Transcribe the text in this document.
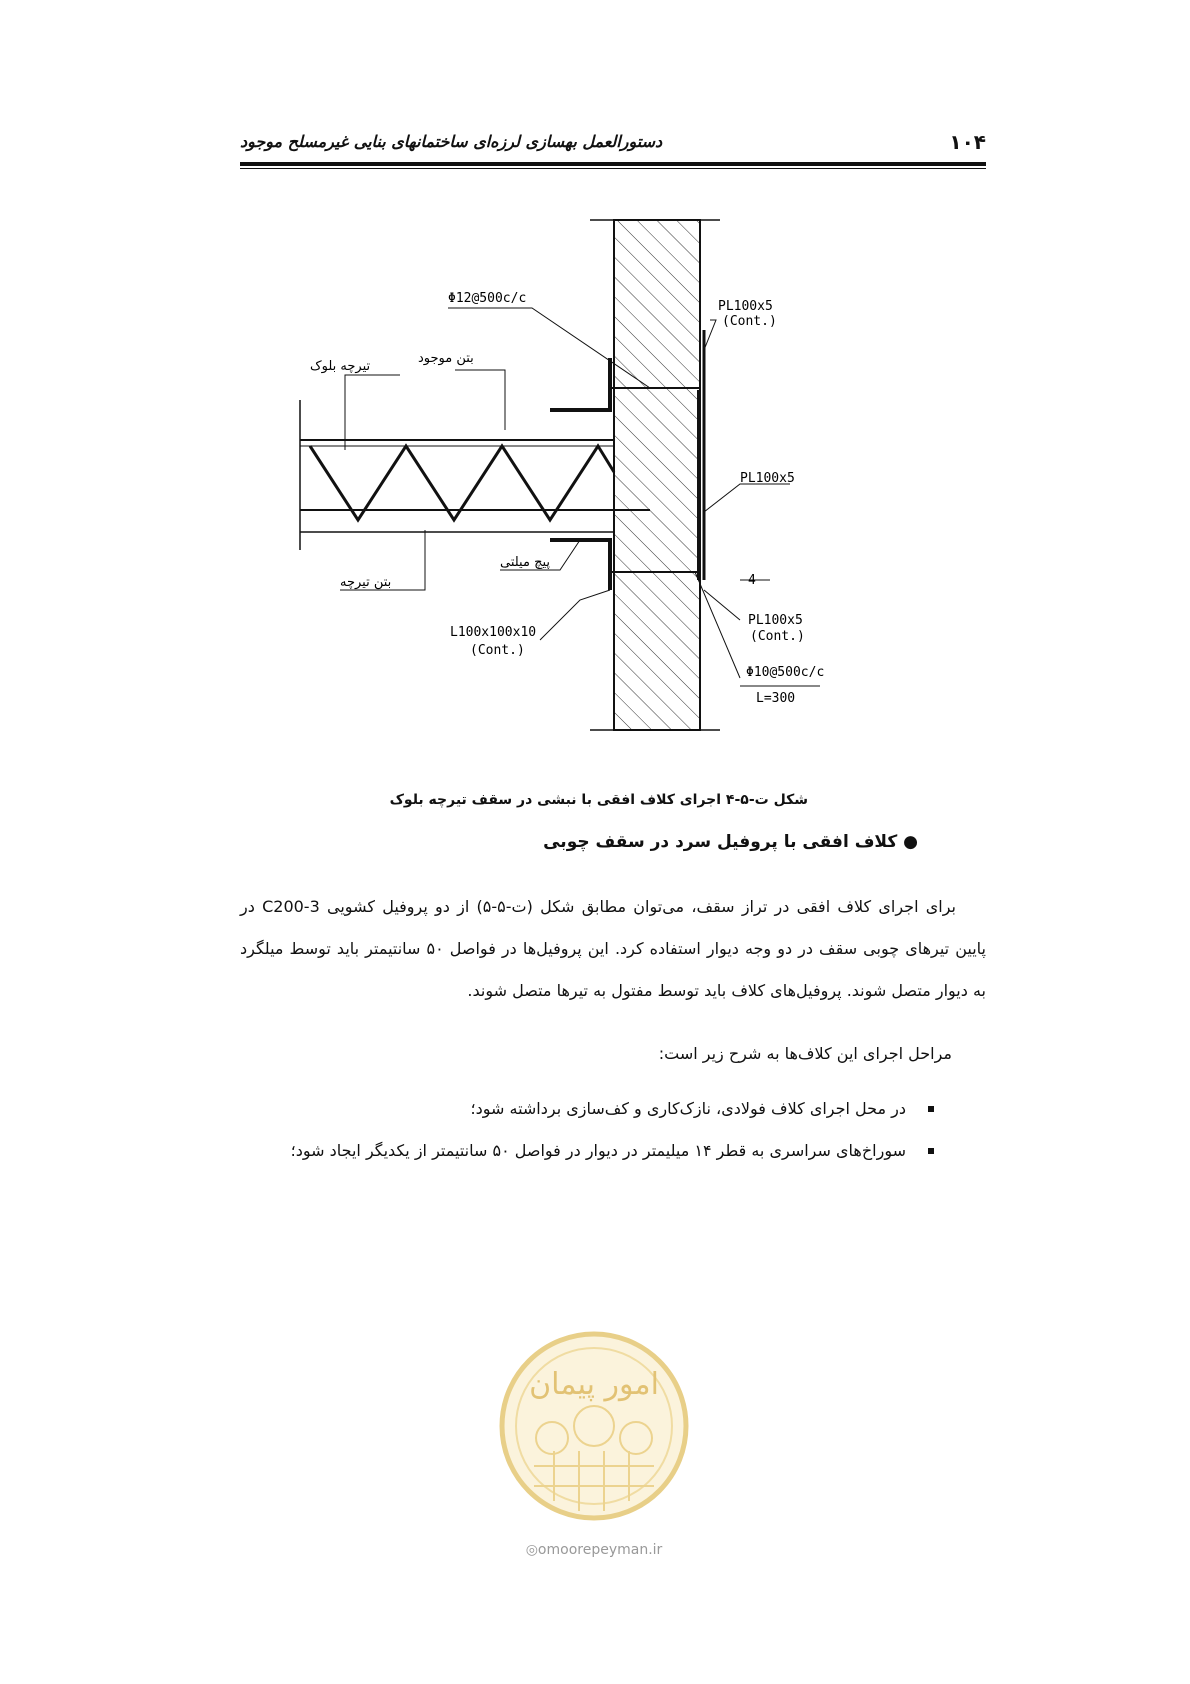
۱۰۴
دستورالعمل بهسازی لرزه‌ای ساختمانهای بنایی غیرمسلح موجود
Φ12@500c/c
PL100x5
(Cont.)
تیرچه بلوک
بتن موجود
PL100x5
پیچ میلتی
بتن تیرچه
L100x100x10
(Cont.)
4
PL100x5
(Cont.)
Φ10@500c/c
L=300
شکل ت-۵-۴ اجرای کلاف افقی با نبشی در سقف تیرچه بلوک
● کلاف افقی با پروفیل سرد در سقف چوبی

برای اجرای کلاف افقی در تراز سقف، می‌توان مطابق شکل (ت-۵-۵) از دو پروفیل کشویی C200-3 در پایین تیرهای چوبی سقف در دو وجه دیوار استفاده کرد. این پروفیل‌ها در فواصل ۵۰ سانتیمتر باید توسط میلگرد به دیوار متصل شوند. پروفیل‌های کلاف باید توسط مفتول به تیرها متصل شوند.

مراحل اجرای این کلاف‌ها به شرح زیر است:
در محل اجرای کلاف فولادی، نازک‌کاری و کف‌سازی برداشته شود؛
سوراخ‌های سراسری به قطر ۱۴ میلیمتر در دیوار در فواصل ۵۰ سانتیمتر از یکدیگر ایجاد شود؛
امور پیمان
◎omoorepeyman.ir
